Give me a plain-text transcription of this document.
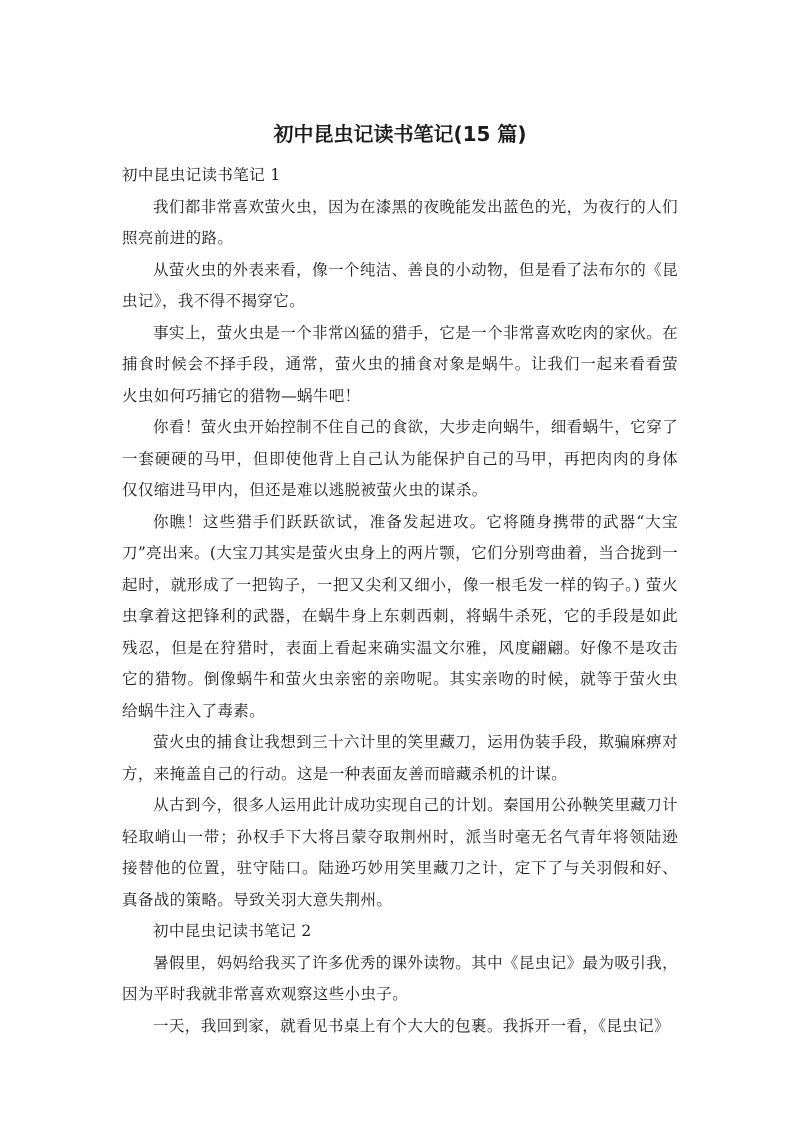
初中昆虫记读书笔记(15 篇)

初中昆虫记读书笔记 1

我们都非常喜欢萤火虫，因为在漆黑的夜晚能发出蓝色的光，为夜行的人们照亮前进的路。

从萤火虫的外表来看，像一个纯洁、善良的小动物，但是看了法布尔的《昆虫记》，我不得不揭穿它。

事实上，萤火虫是一个非常凶猛的猎手，它是一个非常喜欢吃肉的家伙。在捕食时候会不择手段，通常，萤火虫的捕食对象是蜗牛。让我们一起来看看萤火虫如何巧捕它的猎物—蜗牛吧！

你看！萤火虫开始控制不住自己的食欲，大步走向蜗牛，细看蜗牛，它穿了一套硬硬的马甲，但即使他背上自己认为能保护自己的马甲，再把肉肉的身体仅仅缩进马甲内，但还是难以逃脱被萤火虫的谋杀。

你瞧！这些猎手们跃跃欲试，准备发起进攻。它将随身携带的武器“大宝刀”亮出来。(大宝刀其实是萤火虫身上的两片颚，它们分别弯曲着，当合拢到一起时，就形成了一把钩子，一把又尖利又细小，像一根毛发一样的钩子。) 萤火虫拿着这把锋利的武器，在蜗牛身上东刺西刺，将蜗牛杀死，它的手段是如此残忍，但是在狩猎时，表面上看起来确实温文尔雅，风度翩翩。好像不是攻击它的猎物。倒像蜗牛和萤火虫亲密的亲吻呢。其实亲吻的时候，就等于萤火虫给蜗牛注入了毒素。

萤火虫的捕食让我想到三十六计里的笑里藏刀，运用伪装手段，欺骗麻痹对方，来掩盖自己的行动。这是一种表面友善而暗藏杀机的计谋。

从古到今，很多人运用此计成功实现自己的计划。秦国用公孙鞅笑里藏刀计轻取峭山一带；孙权手下大将吕蒙夺取荆州时，派当时毫无名气青年将领陆逊接替他的位置，驻守陆口。陆逊巧妙用笑里藏刀之计，定下了与关羽假和好、真备战的策略。导致关羽大意失荆州。

初中昆虫记读书笔记 2

暑假里，妈妈给我买了许多优秀的课外读物。其中《昆虫记》最为吸引我，因为平时我就非常喜欢观察这些小虫子。

一天，我回到家，就看见书桌上有个大大的包裹。我拆开一看，《昆虫记》
